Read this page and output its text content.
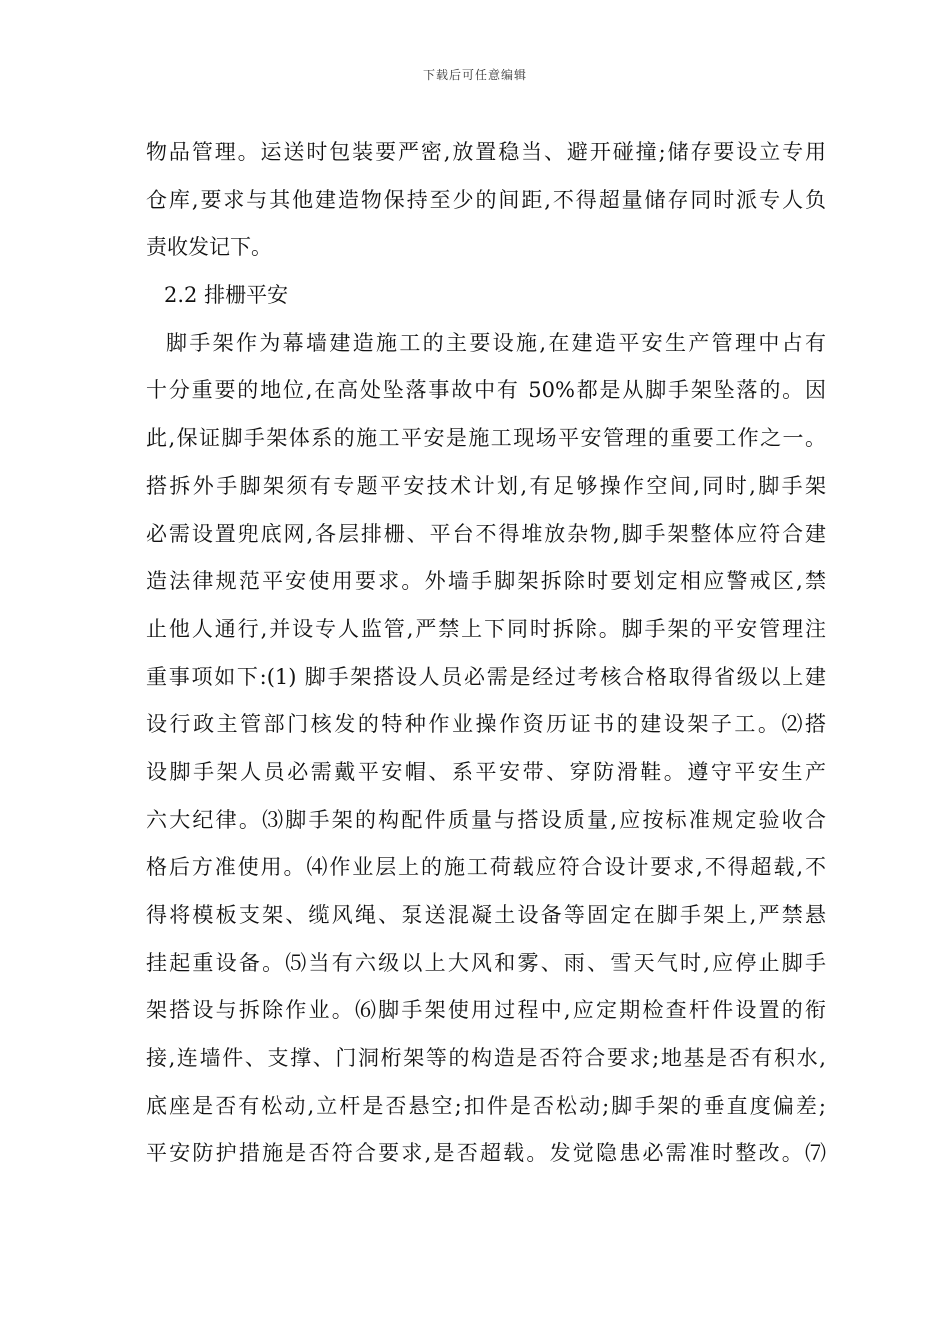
下载后可任意编辑
物品管理。运送时包装要严密,放置稳当、避开碰撞;储存要设立专用
仓库,要求与其他建造物保持至少的间距,不得超量储存同时派专人负
责收发记下。
2.2 排栅平安
脚手架作为幕墙建造施工的主要设施,在建造平安生产管理中占有
十分重要的地位,在高处坠落事故中有 50%都是从脚手架坠落的。因
此,保证脚手架体系的施工平安是施工现场平安管理的重要工作之一。
搭拆外手脚架须有专题平安技术计划,有足够操作空间,同时,脚手架
必需设置兜底网,各层排栅、平台不得堆放杂物,脚手架整体应符合建
造法律规范平安使用要求。外墙手脚架拆除时要划定相应警戒区,禁
止他人通行,并设专人监管,严禁上下同时拆除。脚手架的平安管理注
重事项如下:(1) 脚手架搭设人员必需是经过考核合格取得省级以上建
设行政主管部门核发的特种作业操作资历证书的建设架子工。⑵搭
设脚手架人员必需戴平安帽、系平安带、穿防滑鞋。遵守平安生产
六大纪律。⑶脚手架的构配件质量与搭设质量,应按标准规定验收合
格后方准使用。⑷作业层上的施工荷载应符合设计要求,不得超载,不
得将模板支架、缆风绳、泵送混凝土设备等固定在脚手架上,严禁悬
挂起重设备。⑸当有六级以上大风和雾、雨、雪天气时,应停止脚手
架搭设与拆除作业。⑹脚手架使用过程中,应定期检查杆件设置的衔
接,连墙件、支撑、门洞桁架等的构造是否符合要求;地基是否有积水,
底座是否有松动,立杆是否悬空;扣件是否松动;脚手架的垂直度偏差;
平安防护措施是否符合要求,是否超载。发觉隐患必需准时整改。⑺
